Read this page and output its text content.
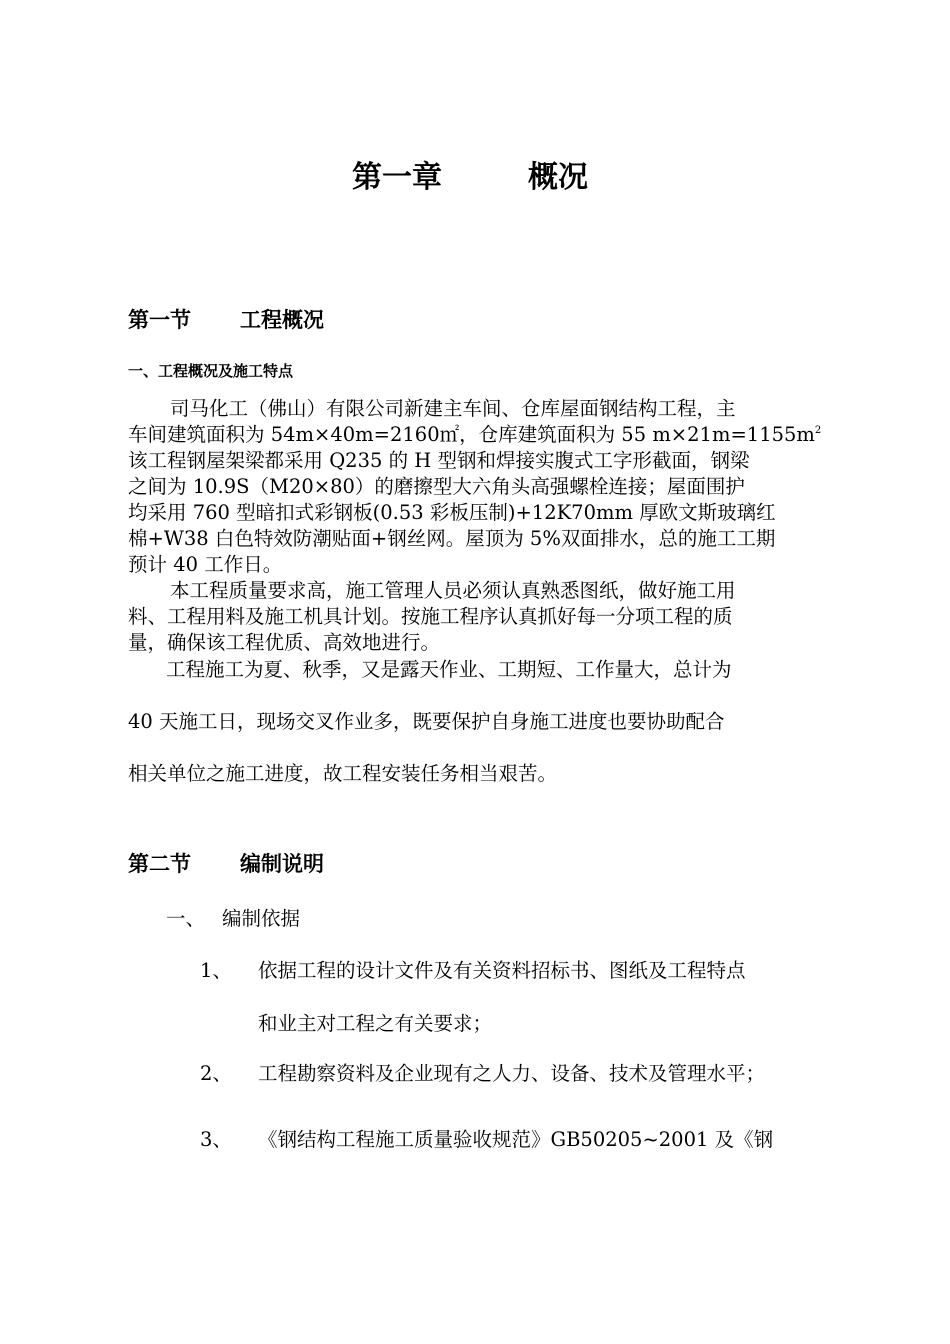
第一章	概况
第一节 工程概况
一、工程概况及施工特点
司马化工（佛山）有限公司新建主车间、仓库屋面钢结构工程，主
车间建筑面积为 54m×40m=2160㎡，仓库建筑面积为 55 $m\times 21m=1155m^2$
该工程钢屋架梁都采用 Q235 的 H 型钢和焊接实腹式工字形截面，钢梁
之间为 10.9S（M20×80）的磨擦型大六角头高强螺栓连接；屋面围护
均采用 760 型暗扣式彩钢板(0.53 彩板压制)+12K70mm 厚欧文斯玻璃红
棉+W38 白色特效防潮贴面+钢丝网。屋顶为 5%双面排水，总的施工工期
预计 40 工作日。
本工程质量要求高，施工管理人员必须认真熟悉图纸，做好施工用
料、工程用料及施工机具计划。按施工程序认真抓好每一分项工程的质
量，确保该工程优质、高效地进行。
工程施工为夏、秋季，又是露天作业、工期短、工作量大，总计为
40 天施工日，现场交叉作业多，既要保护自身施工进度也要协助配合
相关单位之施工进度，故工程安装任务相当艰苦。
第二节 编制说明
一、 编制依据
1、 依据工程的设计文件及有关资料招标书、图纸及工程特点
和业主对工程之有关要求；
2、 工程勘察资料及企业现有之人力、设备、技术及管理水平；
3、 《钢结构工程施工质量验收规范》GB50205~2001 及《钢
